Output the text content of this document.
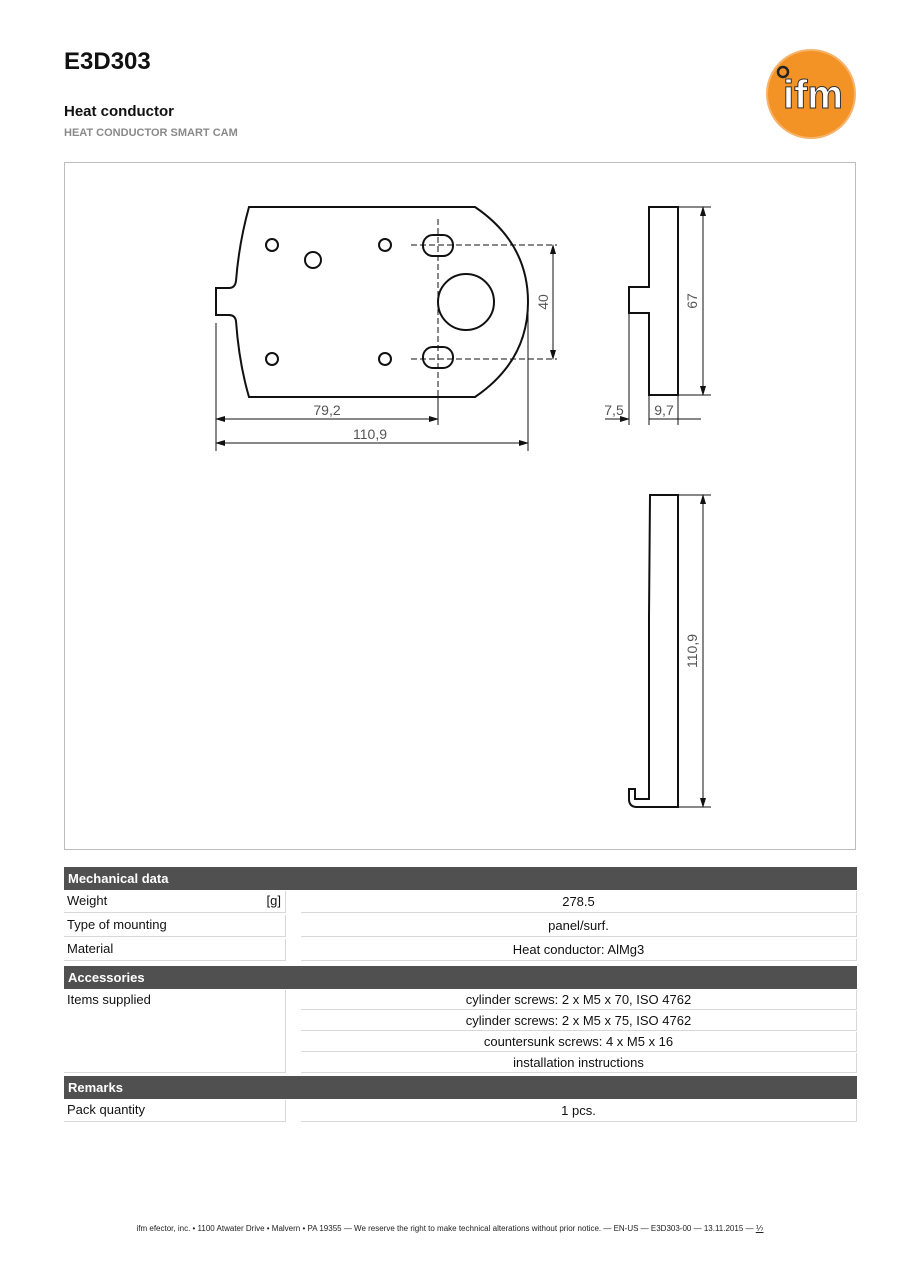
E3D303
Heat conductor

HEAT CONDUCTOR SMART CAM

ifm
40
79,2
110,9
67
7,5 9,7
110,9
Mechanical data
Weight	[g]	278.5
Type of mounting	panel/surf.
Material	Heat conductor: AlMg3
Accessories
Items supplied	cylinder screws: 2 x M5 x 70, ISO 4762
cylinder screws: 2 x M5 x 75, ISO 4762
countersunk screws: 4 x M5 x 16
installation instructions
Remarks
Pack quantity	1 pcs.
ifm efector, inc. • 1100 Atwater Drive • Malvern • PA 19355 — We reserve the right to make technical alterations without prior notice. — EN-US — E3D303-00 — 13.11.2015 — ⅐
